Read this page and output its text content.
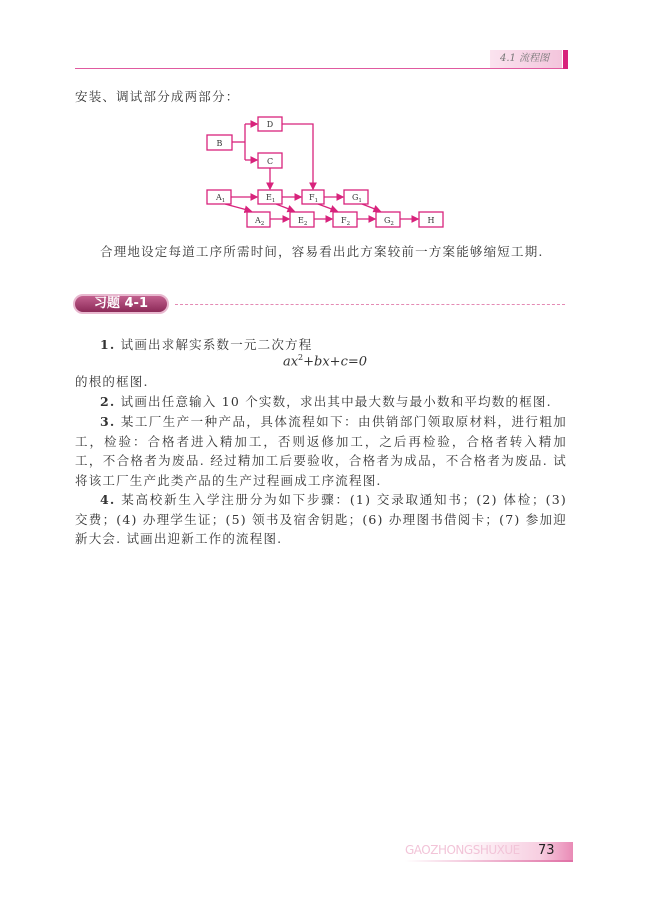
4.1 流程图
安装、调试部分成两部分：
B
D
C
$A_1$	$E_1$	$F_1$	$G_1$
$A_2$	$E_2$	$F_2$	$G_2$	H
合理地设定每道工序所需时间，容易看出此方案较前一方案能够缩短工期.
习题 4-1
1. 试画出求解实系数一元二次方程
$ax^2+bx+c=0$
的根的框图.
2. 试画出任意输入 10 个实数，求出其中最大数与最小数和平均数的框图.
3. 某工厂生产一种产品，具体流程如下：由供销部门领取原材料，进行粗加工，检验：合格者进入精加工，否则返修加工，之后再检验，合格者转入精加工，不合格者为废品. 经过精加工后要验收，合格者为成品，不合格者为废品. 试将该工厂生产此类产品的生产过程画成工序流程图.
4. 某高校新生入学注册分为如下步骤：(1) 交录取通知书；(2) 体检；(3) 交费；(4) 办理学生证；(5) 领书及宿舍钥匙；(6) 办理图书借阅卡；(7) 参加迎新大会. 试画出迎新工作的流程图.
GAOZHONGSHUXUE 73
